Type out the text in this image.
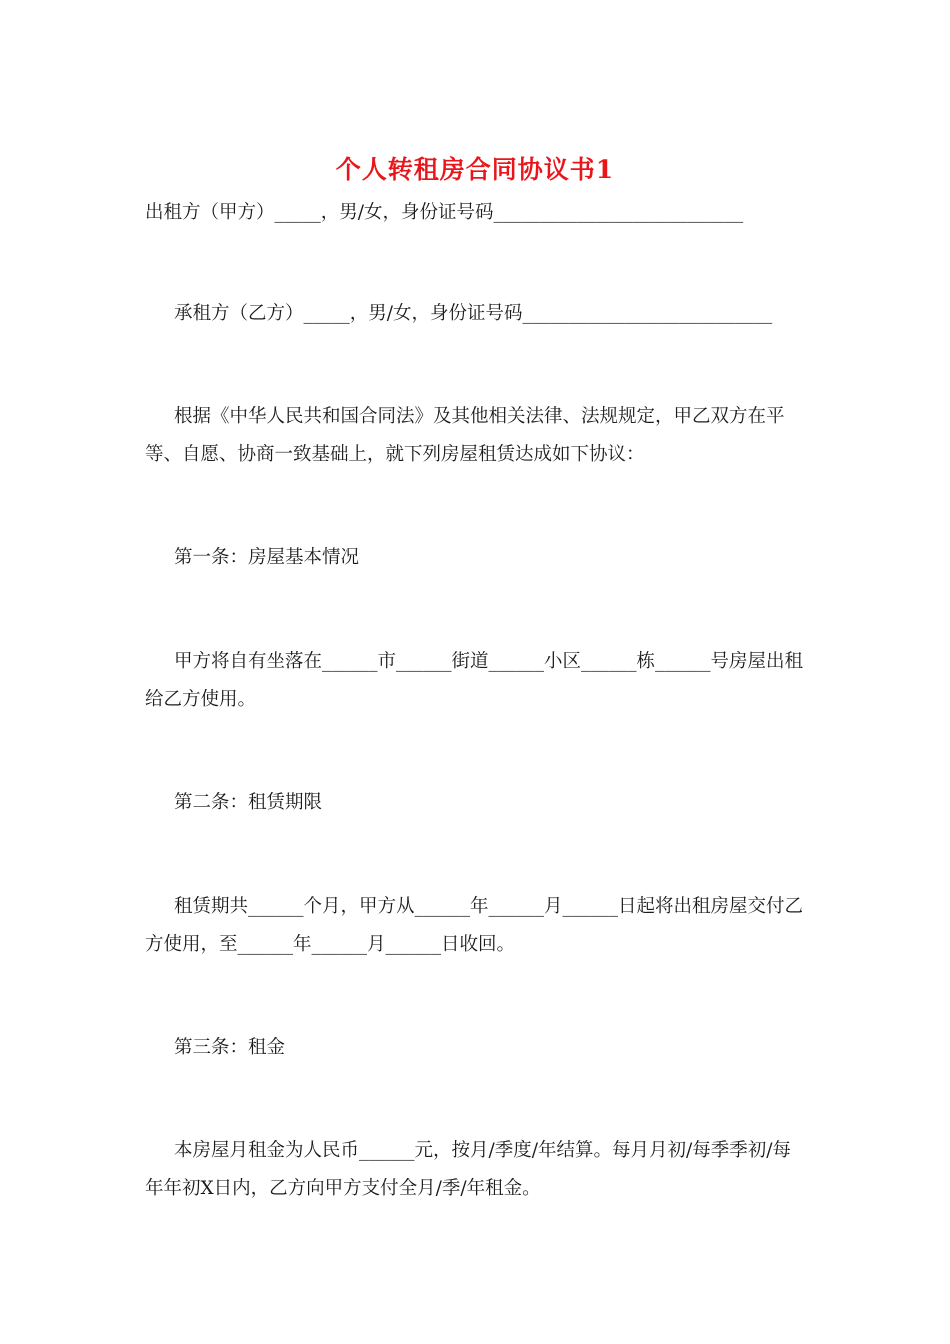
个人转租房合同协议书1
出租方（甲方）_____，男/女，身份证号码___________________________
承租方（乙方）_____，男/女，身份证号码___________________________
根据《中华人民共和国合同法》及其他相关法律、法规规定，甲乙双方在平等、自愿、协商一致基础上，就下列房屋租赁达成如下协议：
第一条：房屋基本情况
甲方将自有坐落在______市______街道______小区______栋______号房屋出租给乙方使用。
第二条：租赁期限
租赁期共______个月，甲方从______年______月______日起将出租房屋交付乙方使用，至______年______月______日收回。
第三条：租金
本房屋月租金为人民币______元，按月/季度/年结算。每月月初/每季季初/每年年初X日内，乙方向甲方支付全月/季/年租金。
